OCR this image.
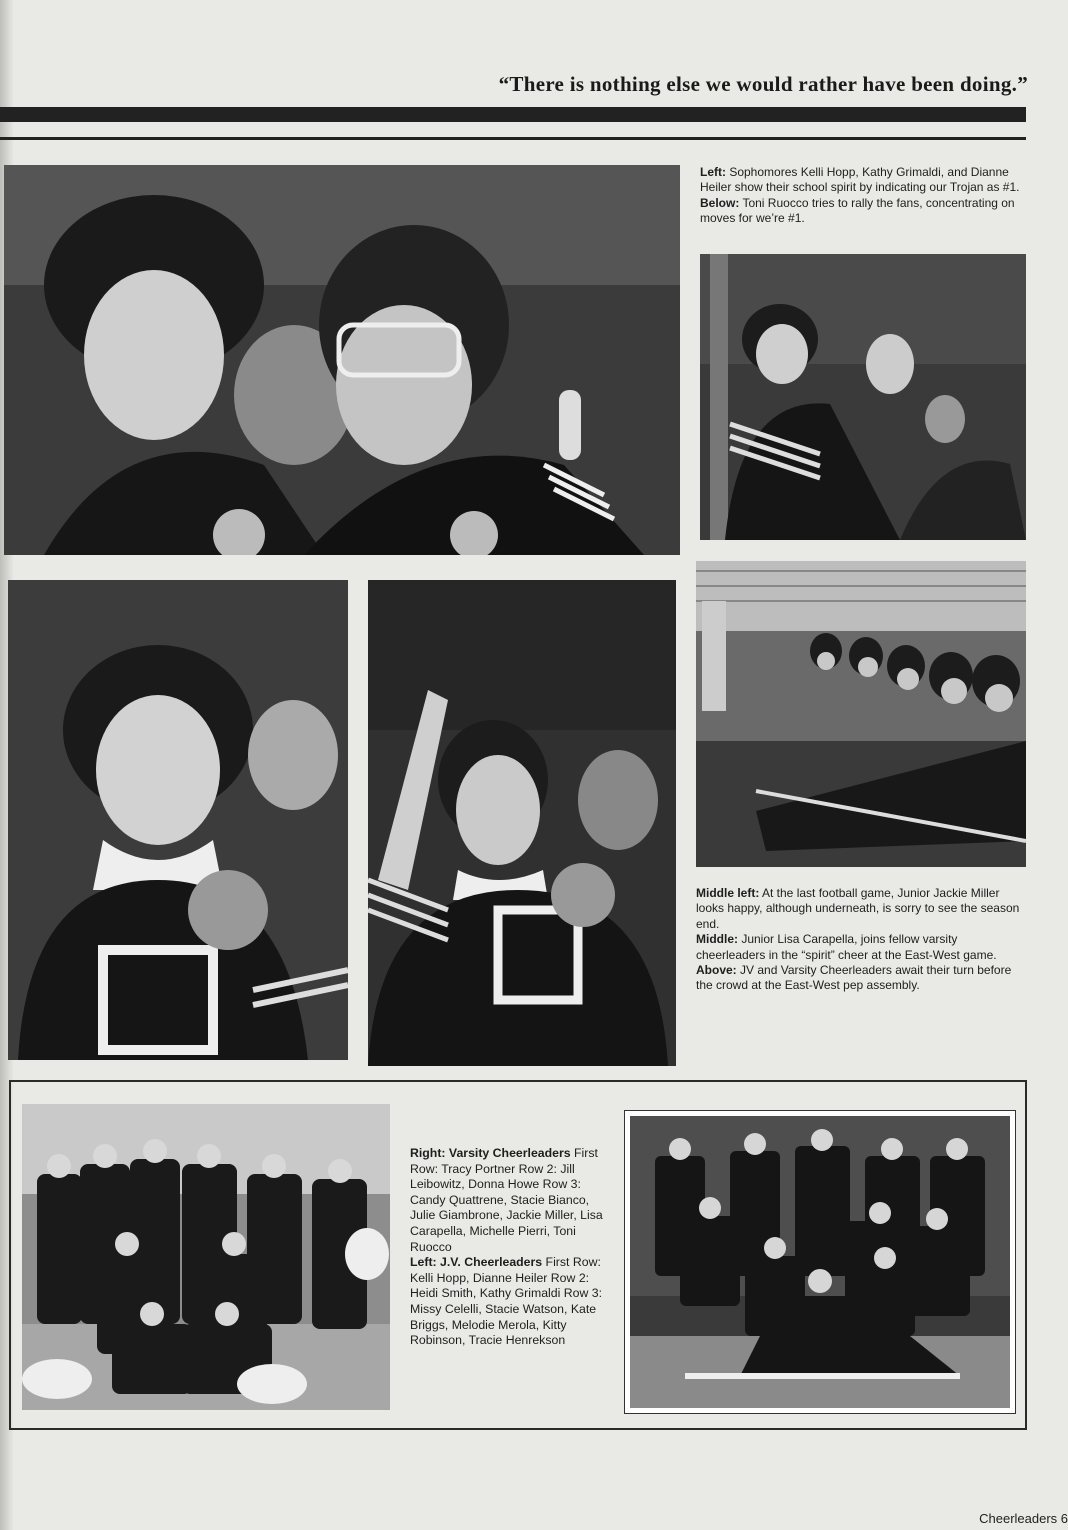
“There is nothing else we would rather have been doing.”

Left: Sophomores Kelli Hopp, Kathy Grimaldi, and Dianne Heiler show their school spirit by indicating our Trojan as #1.

Below: Toni Ruocco tries to rally the fans, concentrating on moves for we’re #1.

Middle left: At the last football game, Junior Jackie Miller looks happy, although underneath, is sorry to see the season end.

Middle: Junior Lisa Carapella, joins fellow varsity cheerleaders in the “spirit” cheer at the East-West game.

Above: JV and Varsity Cheerleaders await their turn before the crowd at the East-West pep assembly.

Right: Varsity Cheerleaders First Row: Tracy Portner Row 2: Jill Leibowitz, Donna Howe Row 3: Candy Quattrene, Stacie Bianco, Julie Giambrone, Jackie Miller, Lisa Carapella, Michelle Pierri, Toni Ruocco

Left: J.V. Cheerleaders First Row: Kelli Hopp, Dianne Heiler Row 2: Heidi Smith, Kathy Grimaldi Row 3: Missy Celelli, Stacie Watson, Kate Briggs, Melodie Merola, Kitty Robinson, Tracie Henrekson

Cheerleaders 6
